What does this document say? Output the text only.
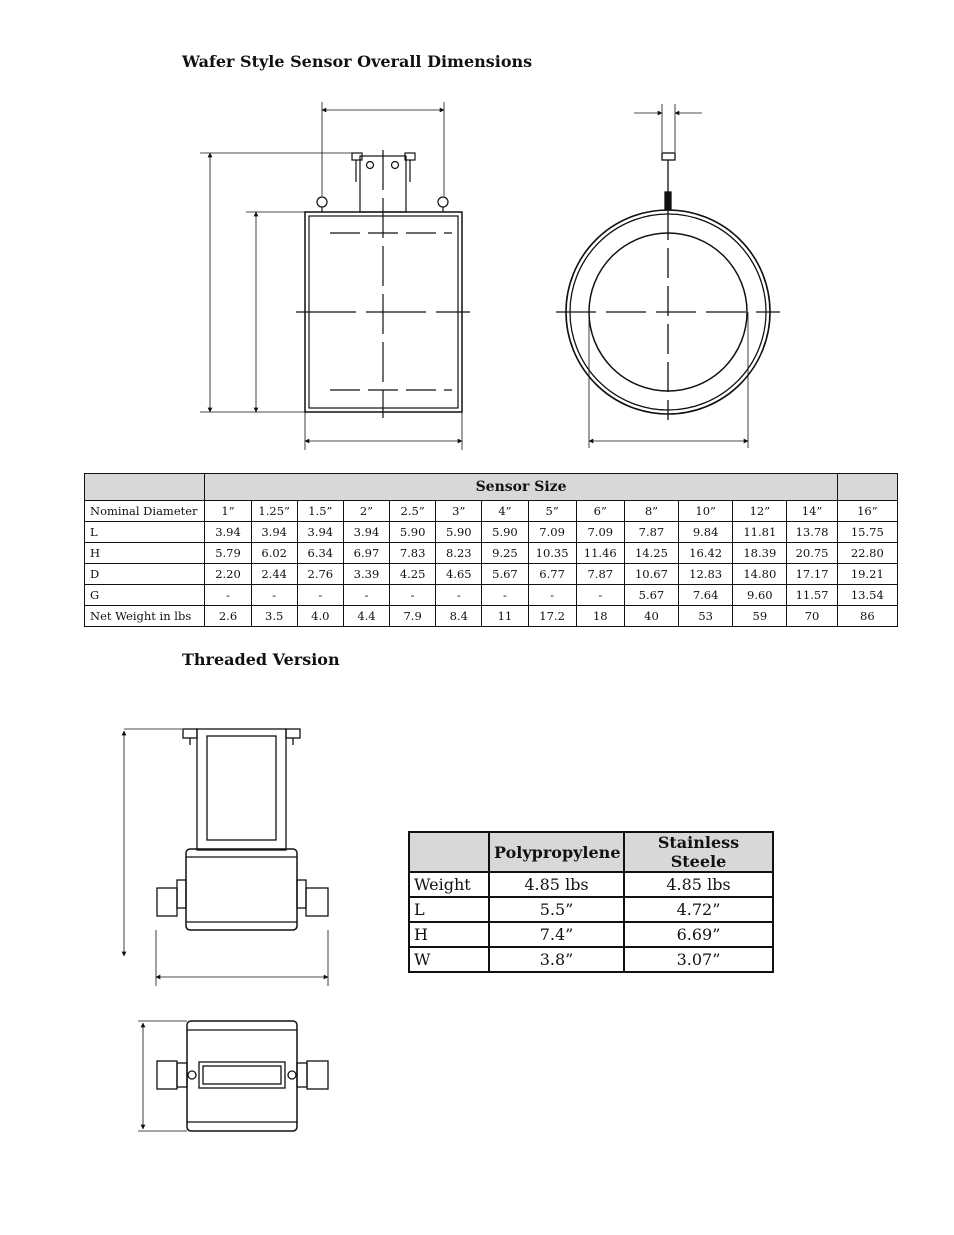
Wafer Style Sensor Overall Dimensions
Threaded Version
	Sensor Size													
Nominal Diameter	1”	1.25”	1.5”	2”	2.5”	3”	4”	5”	6”	8”	10”	12”	14”	16”
L	3.94	3.94	3.94	3.94	5.90	5.90	5.90	7.09	7.09	7.87	9.84	11.81	13.78	15.75
H	5.79	6.02	6.34	6.97	7.83	8.23	9.25	10.35	11.46	14.25	16.42	18.39	20.75	22.80
D	2.20	2.44	2.76	3.39	4.25	4.65	5.67	6.77	7.87	10.67	12.83	14.80	17.17	19.21
G	-	-	-	-	-	-	-	-	-	5.67	7.64	9.60	11.57	13.54
Net Weight in lbs	2.6	3.5	4.0	4.4	7.9	8.4	11	17.2	18	40	53	59	70	86
	Polypropylene	Stainless Steele
Weight	4.85 lbs	4.85 lbs
L	5.5”	4.72”
H	7.4”	6.69”
W	3.8”	3.07”
